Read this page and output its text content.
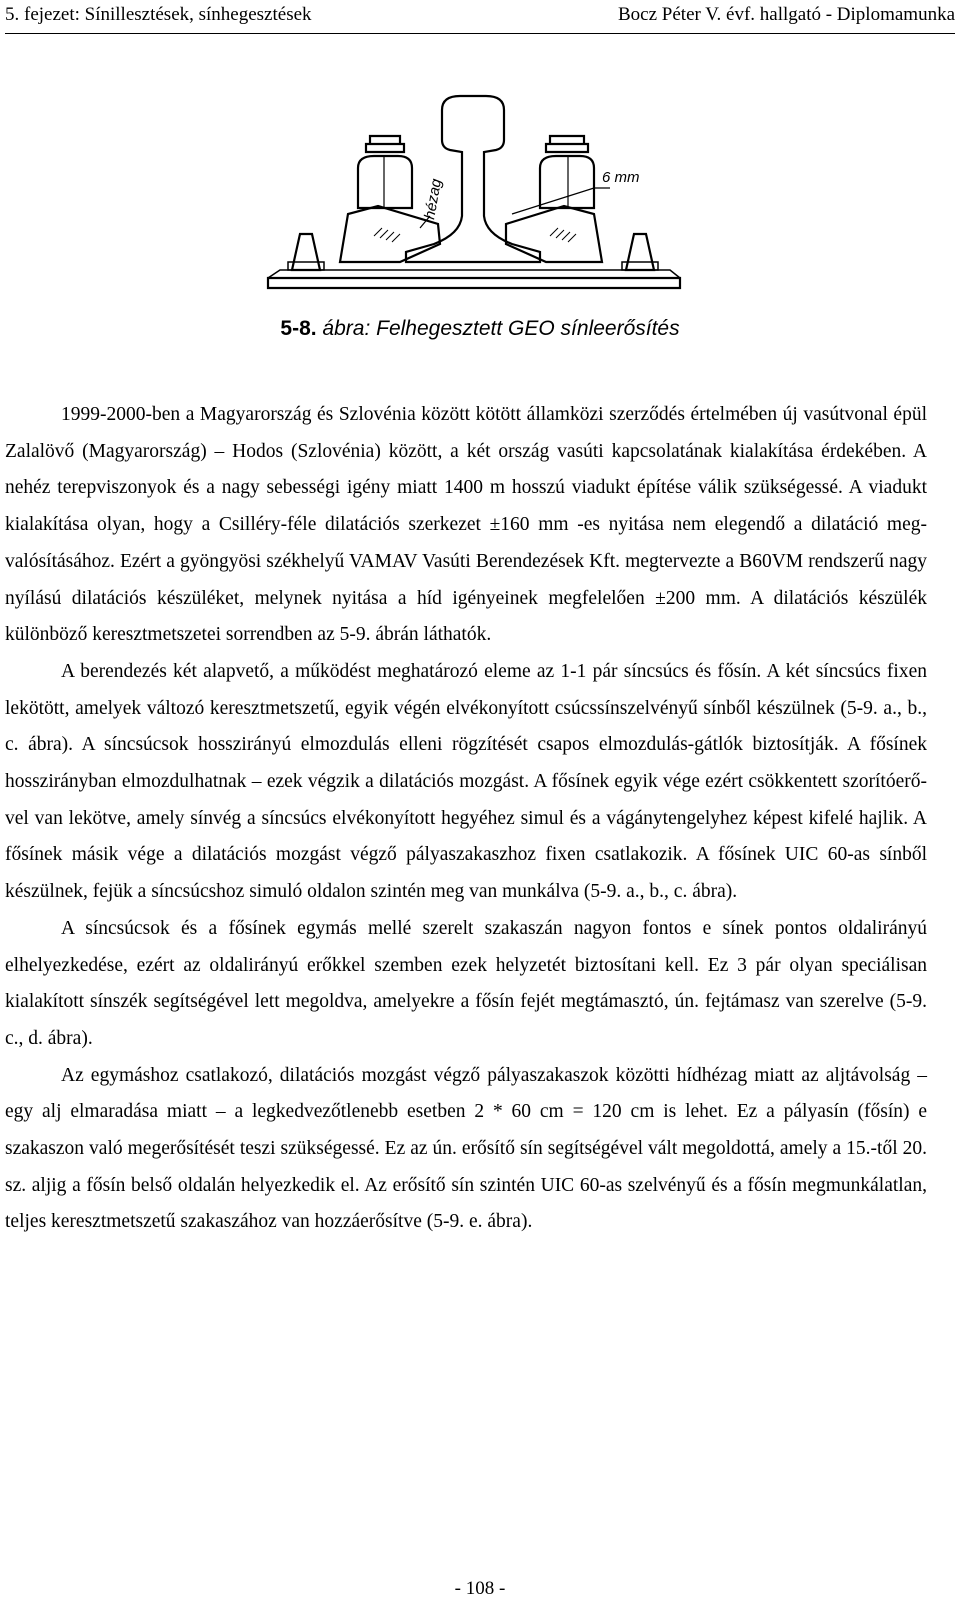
5. fejezet: Sínillesztések, sínhegesztések	Bocz Péter V. évf. hallgató - Diplomamunka
hézag	6 mm
5-8. ábra: Felhegesztett GEO sínleerősítés

1999-2000-ben a Magyarország és Szlovénia között kötött államközi szerződés értelmében új vasútvonal épül Zalalövő (Magyarország) – Hodos (Szlovénia) között, a két ország vasúti kapcsolatának kialakítása érdekében. A nehéz terepviszonyok és a nagy sebességi igény miatt 1400 m hosszú viadukt építése válik szükségessé. A viadukt kialakítása olyan, hogy a Csilléry-féle dilatációs szerkezet ±160 mm -es nyitása nem elegendő a dilatáció megvalósításához. Ezért a gyöngyösi székhelyű VAMAV Vasúti Berendezések Kft. megtervezte a B60VM rendszerű nagy nyílású dilatációs készüléket, melynek nyitása a híd igényeinek megfelelően ±200 mm. A dilatációs készülék különböző keresztmetszetei sorrendben az 5-9. ábrán láthatók.

A berendezés két alapvető, a működést meghatározó eleme az 1-1 pár síncsúcs és fősín. A két síncsúcs fixen lekötött, amelyek változó keresztmetszetű, egyik végén elvékonyított csúcssínszelvényű sínből készülnek (5-9. a., b., c. ábra). A síncsúcsok hosszirányú elmozdulás elleni rögzítését csapos elmozdulás-gátlók biztosítják. A fősínek hosszirányban elmozdulhatnak – ezek végzik a dilatációs mozgást. A fősínek egyik vége ezért csökkentett szorítóerővel van lekötve, amely sínvég a síncsúcs elvékonyított hegyéhez simul és a vágánytengelyhez képest kifelé hajlik. A fősínek másik vége a dilatációs mozgást végző pályaszakaszhoz fixen csatlakozik. A fősínek UIC 60-as sínből készülnek, fejük a síncsúcshoz simuló oldalon szintén meg van munkálva (5-9. a., b., c. ábra).

A síncsúcsok és a fősínek egymás mellé szerelt szakaszán nagyon fontos e sínek pontos oldalirányú elhelyezkedése, ezért az oldalirányú erőkkel szemben ezek helyzetét biztosítani kell. Ez 3 pár olyan speciálisan kialakított sínszék segítségével lett megoldva, amelyekre a fősín fejét megtámasztó, ún. fejtámasz van szerelve (5-9. c., d. ábra).

Az egymáshoz csatlakozó, dilatációs mozgást végző pályaszakaszok közötti hídhézag miatt az aljtávolság – egy alj elmaradása miatt – a legkedvezőtlenebb esetben 2 * 60 cm = 120 cm is lehet. Ez a pályasín (fősín) e szakaszon való megerősítését teszi szükségessé. Ez az ún. erősítő sín segítségével vált megoldottá, amely a 15.-től 20. sz. aljig a fősín belső oldalán helyezkedik el. Az erősítő sín szintén UIC 60-as szelvényű és a fősín megmunkálatlan, teljes keresztmetszetű szakaszához van hozzáerősítve (5-9. e. ábra).

- 108 -
